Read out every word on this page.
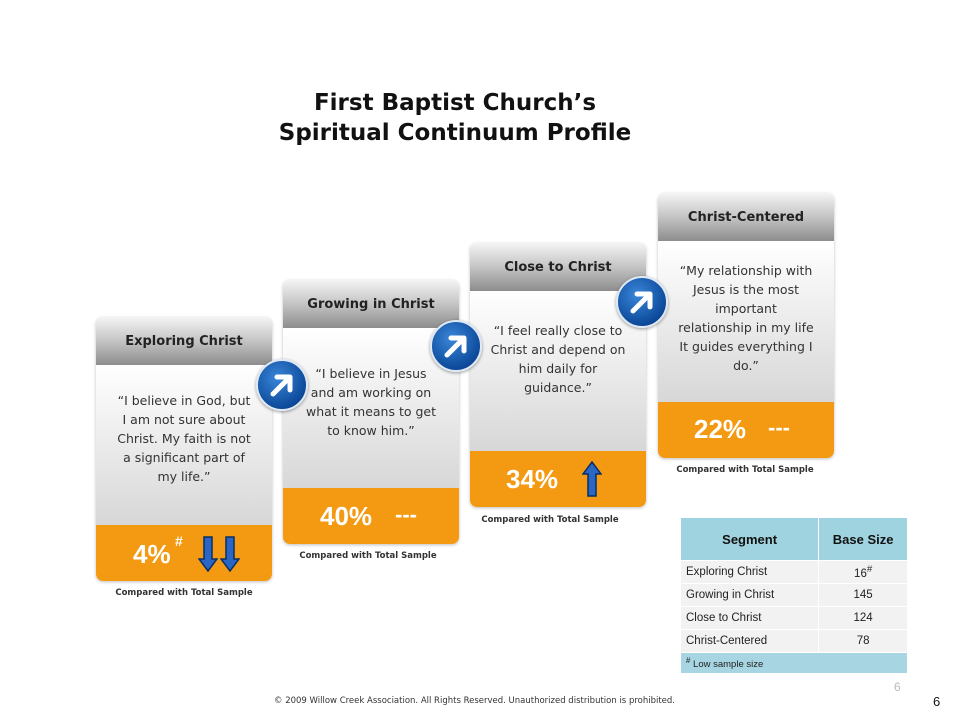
First Baptist Church’s
Spiritual Continuum Profile
Exploring Christ
“I believe in God, but I am not sure about Christ. My faith is not a significant part of my life.”
4% #
Compared with Total Sample
Growing in Christ
“I believe in Jesus and am working on what it means to get to know him.”
40% ---
Compared with Total Sample
Close to Christ
“I feel really close to Christ and depend on him daily for guidance.”
34%
Compared with Total Sample
Christ-Centered
“My relationship with Jesus is the most important relationship in my life It guides everything I do.”
22% ---
Compared with Total Sample
Segment	Base Size
Exploring Christ	16#
Growing in Christ	145
Close to Christ	124
Christ-Centered	78
# Low sample size	
© 2009 Willow Creek Association. All Rights Reserved. Unauthorized distribution is prohibited.
6
6
